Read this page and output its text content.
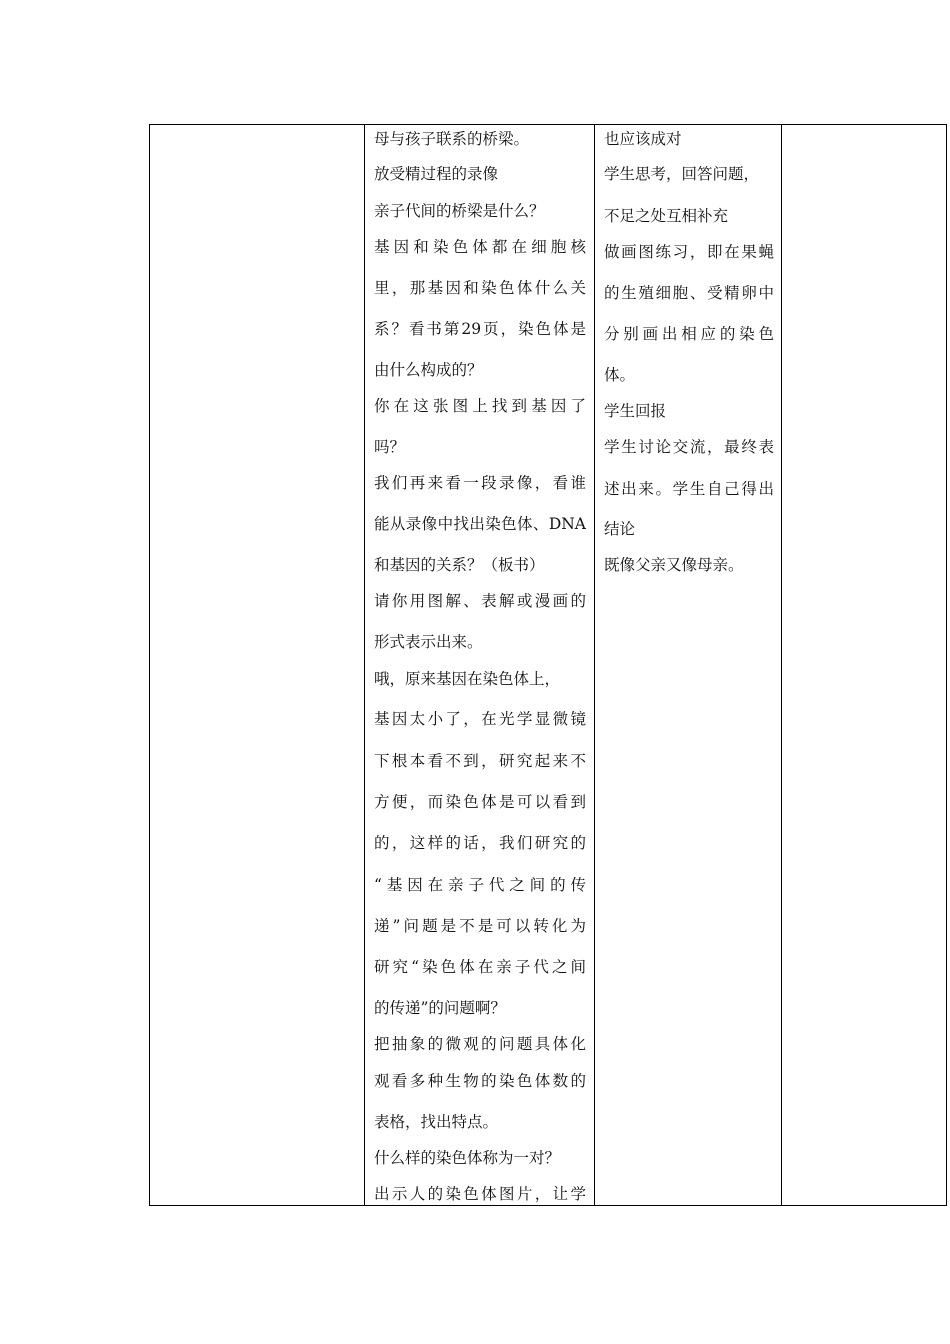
母与孩子联系的桥梁。
放受精过程的录像
亲子代间的桥梁是什么？
基因和染色体都在细胞核
里，那基因和染色体什么关
系？看书第29页，染色体是
由什么构成的？
你在这张图上找到基因了
吗？
我们再来看一段录像，看谁
能从录像中找出染色体、DNA
和基因的关系？（板书）
请你用图解、表解或漫画的
形式表示出来。
哦，原来基因在染色体上，
基因太小了，在光学显微镜
下根本看不到，研究起来不
方便，而染色体是可以看到
的，这样的话，我们研究的
“基因在亲子代之间的传
递”问题是不是可以转化为
研究“染色体在亲子代之间
的传递”的问题啊？
把抽象的微观的问题具体化
观看多种生物的染色体数的
表格，找出特点。
什么样的染色体称为一对？
出示人的染色体图片，让学
也应该成对
学生思考，回答问题，
不足之处互相补充
做画图练习，即在果蝇
的生殖细胞、受精卵中
分别画出相应的染色
体。
学生回报
学生讨论交流，最终表
述出来。学生自己得出
结论
既像父亲又像母亲。
